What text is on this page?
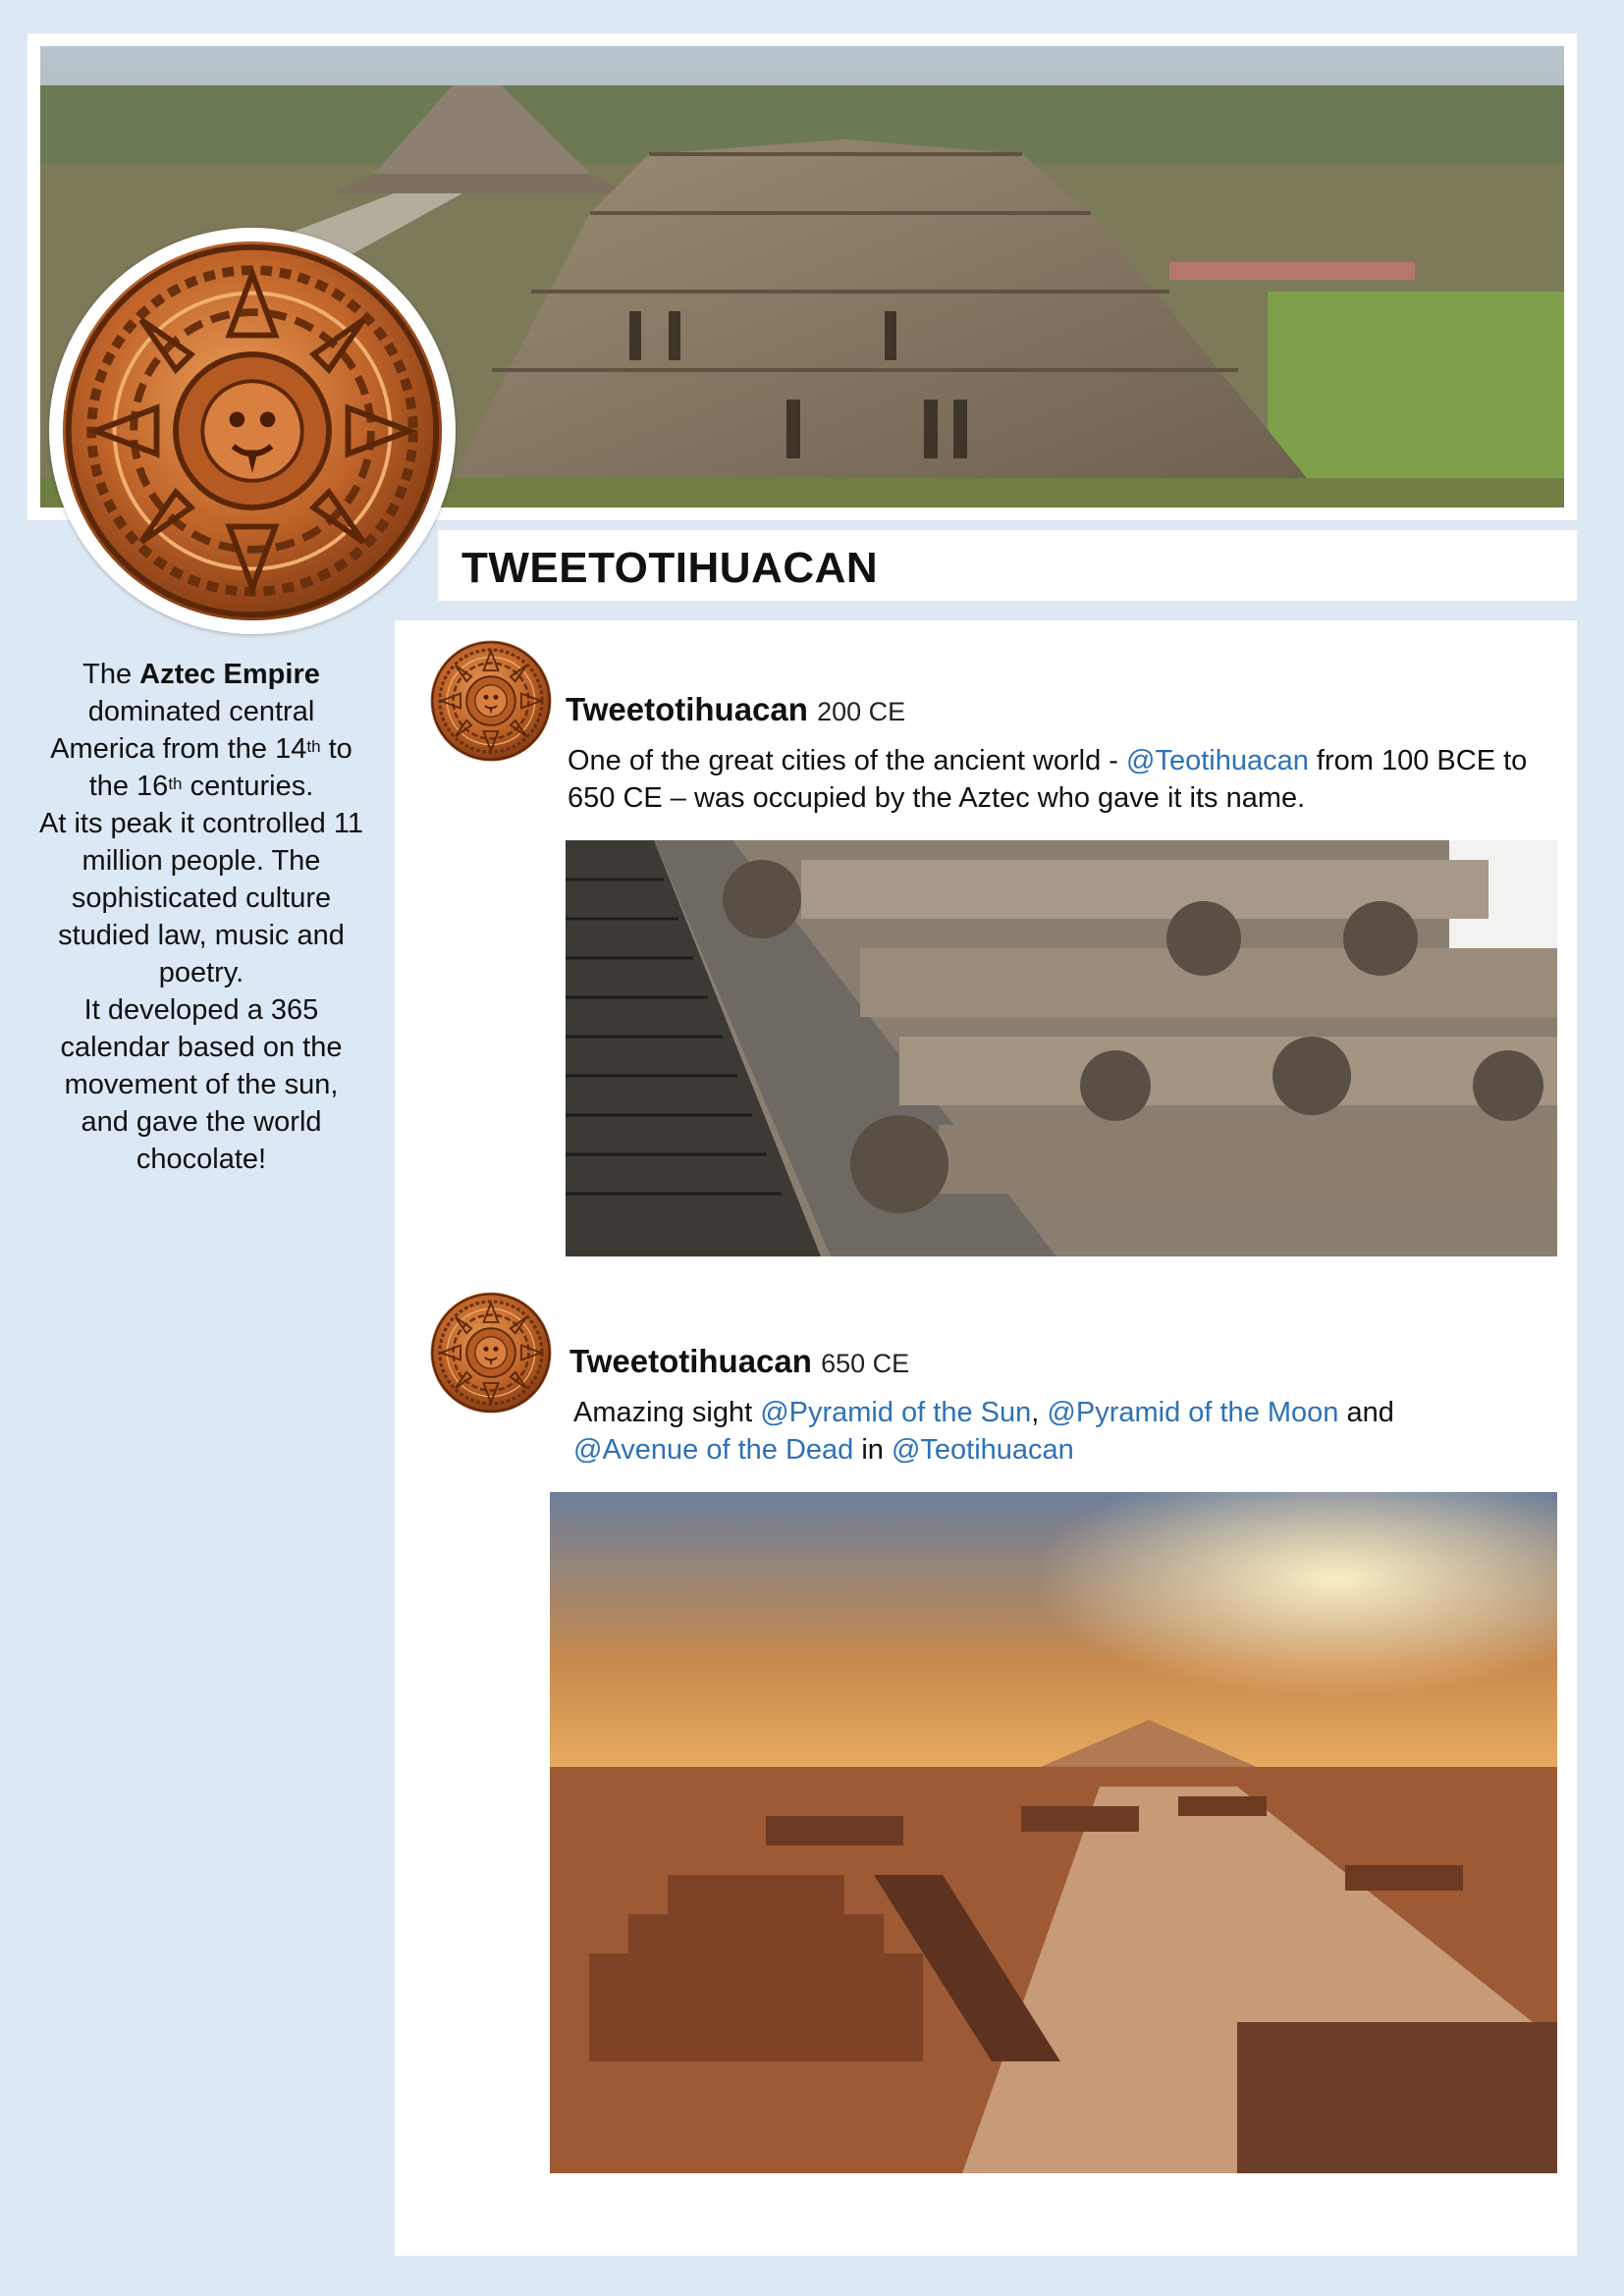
TWEETOTIHUACAN

The Aztec Empire dominated central America from the 14th to the 16th centuries.

At its peak it controlled 11 million people. The sophisticated culture studied law, music and poetry.

It developed a 365 calendar based on the movement of the sun, and gave the world chocolate!

Tweetotihuacan 200 CE
One of the great cities of the ancient world - @Teotihuacan from 100 BCE to 650 CE – was occupied by the Aztec who gave it its name.
Tweetotihuacan 650 CE
Amazing sight @Pyramid of the Sun, @Pyramid of the Moon and
@Avenue of the Dead in @Teotihuacan
